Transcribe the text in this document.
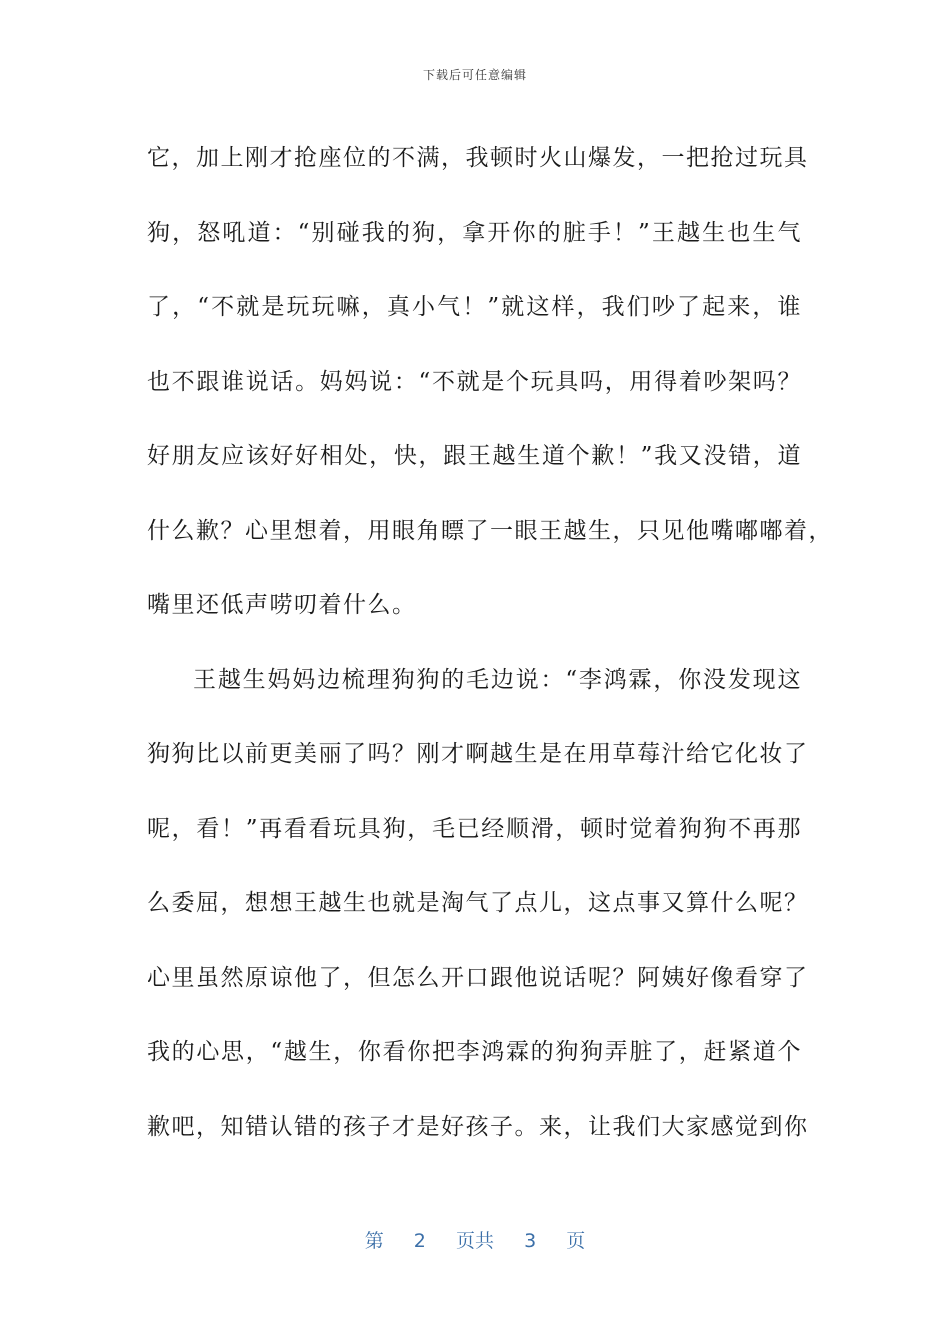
下载后可任意编辑
它，加上刚才抢座位的不满，我顿时火山爆发，一把抢过玩具
狗，怒吼道：“别碰我的狗，拿开你的脏手！”王越生也生气
了，“不就是玩玩嘛，真小气！”就这样，我们吵了起来，谁
也不跟谁说话。妈妈说：“不就是个玩具吗，用得着吵架吗？
好朋友应该好好相处，快，跟王越生道个歉！”我又没错，道
什么歉？心里想着，用眼角瞟了一眼王越生，只见他嘴嘟嘟着，
嘴里还低声唠叨着什么。
王越生妈妈边梳理狗狗的毛边说：“李鸿霖，你没发现这
狗狗比以前更美丽了吗？刚才啊越生是在用草莓汁给它化妆了
呢，看！”再看看玩具狗，毛已经顺滑，顿时觉着狗狗不再那
么委屈，想想王越生也就是淘气了点儿，这点事又算什么呢？
心里虽然原谅他了，但怎么开口跟他说话呢？阿姨好像看穿了
我的心思，“越生，你看你把李鸿霖的狗狗弄脏了，赶紧道个
歉吧，知错认错的孩子才是好孩子。来，让我们大家感觉到你
第 2 页共 3 页
